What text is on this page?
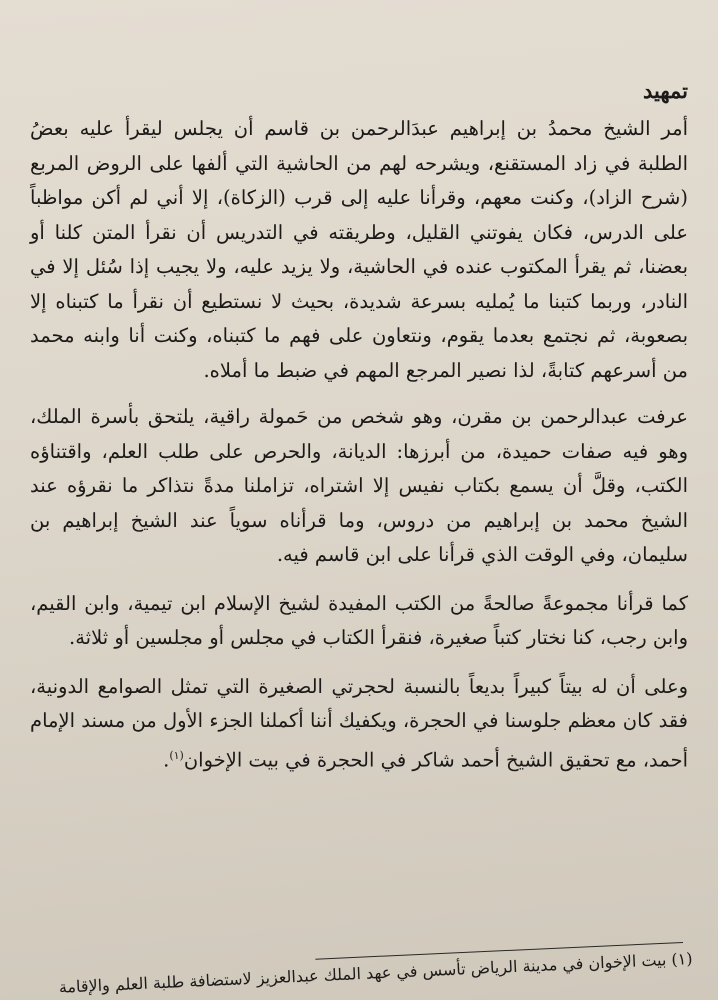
تمهيد

أمر الشيخ محمدُ بن إبراهيم عبدَالرحمن بن قاسم أن يجلس ليقرأ عليه بعضُ الطلبة في زاد المستقنع، ويشرحه لهم من الحاشية التي ألفها على الروض المربع (شرح الزاد)، وكنت معهم، وقرأنا عليه إلى قرب (الزكاة)، إلا أني لم أكن مواظباً على الدرس، فكان يفوتني القليل، وطريقته في التدريس أن نقرأ المتن كلنا أو بعضنا، ثم يقرأ المكتوب عنده في الحاشية، ولا يزيد عليه، ولا يجيب إذا سُئل إلا في النادر، وربما كتبنا ما يُمليه بسرعة شديدة، بحيث لا نستطيع أن نقرأ ما كتبناه إلا بصعوبة، ثم نجتمع بعدما يقوم، ونتعاون على فهم ما كتبناه، وكنت أنا وابنه محمد من أسرعهم كتابةً، لذا نصير المرجع المهم في ضبط ما أملاه.

عرفت عبدالرحمن بن مقرن، وهو شخص من حَمولة راقية، يلتحق بأسرة الملك، وهو فيه صفات حميدة، من أبرزها: الديانة، والحرص على طلب العلم، واقتناؤه الكتب، وقلَّ أن يسمع بكتاب نفيس إلا اشتراه، تزاملنا مدةً نتذاكر ما نقرؤه عند الشيخ محمد بن إبراهيم من دروس، وما قرأناه سوياً عند الشيخ إبراهيم بن سليمان، وفي الوقت الذي قرأنا على ابن قاسم فيه.

كما قرأنا مجموعةً صالحةً من الكتب المفيدة لشيخ الإسلام ابن تيمية، وابن القيم، وابن رجب، كنا نختار كتباً صغيرة، فنقرأ الكتاب في مجلس أو مجلسين أو ثلاثة.

وعلى أن له بيتاً كبيراً بديعاً بالنسبة لحجرتي الصغيرة التي تمثل الصوامع الدونية، فقد كان معظم جلوسنا في الحجرة، ويكفيك أننا أكملنا الجزء الأول من مسند الإمام أحمد، مع تحقيق الشيخ أحمد شاكر في الحجرة في بيت الإخوان$^{(١)}$.

(١) بيت الإخوان في مدينة الرياض تأسس في عهد الملك عبدالعزيز لاستضافة طلبة العلم والإقامة
